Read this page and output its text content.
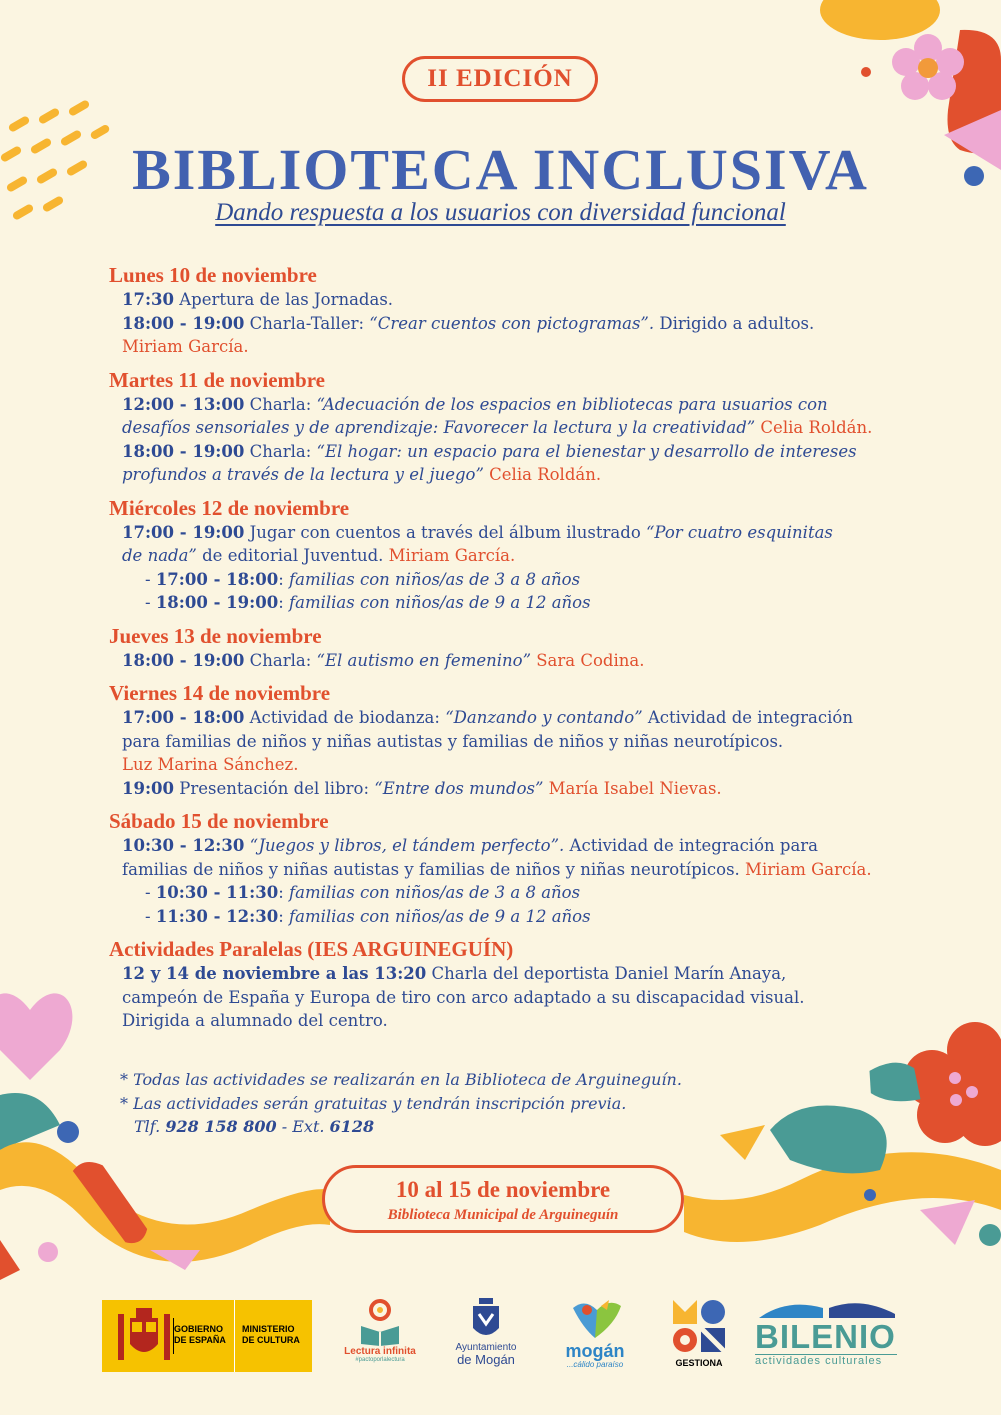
II EDICIÓN
BIBLIOTECA INCLUSIVA
Dando respuesta a los usuarios con diversidad funcional
Lunes 10 de noviembre
17:30 Apertura de las Jornadas.
18:00 - 19:00 Charla-Taller: “Crear cuentos con pictogramas”. Dirigido a adultos.
Miriam García.
Martes 11 de noviembre
12:00 - 13:00 Charla: “Adecuación de los espacios en bibliotecas para usuarios con
desafíos sensoriales y de aprendizaje: Favorecer la lectura y la creatividad” Celia Roldán.
18:00 - 19:00 Charla: “El hogar: un espacio para el bienestar y desarrollo de intereses
profundos a través de la lectura y el juego” Celia Roldán.
Miércoles 12 de noviembre
17:00 - 19:00 Jugar con cuentos a través del álbum ilustrado “Por cuatro esquinitas
de nada” de editorial Juventud. Miriam García.
- 17:00 - 18:00: familias con niños/as de 3 a 8 años
- 18:00 - 19:00: familias con niños/as de 9 a 12 años
Jueves 13 de noviembre
18:00 - 19:00 Charla: “El autismo en femenino” Sara Codina.
Viernes 14 de noviembre
17:00 - 18:00 Actividad de biodanza: “Danzando y contando” Actividad de integración
para familias de niños y niñas autistas y familias de niños y niñas neurotípicos.
Luz Marina Sánchez.
19:00 Presentación del libro: “Entre dos mundos” María Isabel Nievas.
Sábado 15 de noviembre
10:30 - 12:30 “Juegos y libros, el tándem perfecto”. Actividad de integración para
familias de niños y niñas autistas y familias de niños y niñas neurotípicos. Miriam García.
- 10:30 - 11:30: familias con niños/as de 3 a 8 años
- 11:30 - 12:30: familias con niños/as de 9 a 12 años
Actividades Paralelas (IES ARGUINEGUÍN)
12 y 14 de noviembre a las 13:20 Charla del deportista Daniel Marín Anaya,
campeón de España y Europa de tiro con arco adaptado a su discapacidad visual.
Dirigida a alumnado del centro.
* Todas las actividades se realizarán en la Biblioteca de Arguineguín.
* Las actividades serán gratuitas y tendrán inscripción previa.
Tlf. 928 158 800 - Ext. 6128
10 al 15 de noviembre
Biblioteca Municipal de Arguineguín
GOBIERNO
DE ESPAÑA
MINISTERIO
DE CULTURA
Lectura infinita
#pactoporlalectura
Ayuntamiento
de Mogán	mogán
...cálido paraíso	GESTIONA
BILENIO
actividades culturales
